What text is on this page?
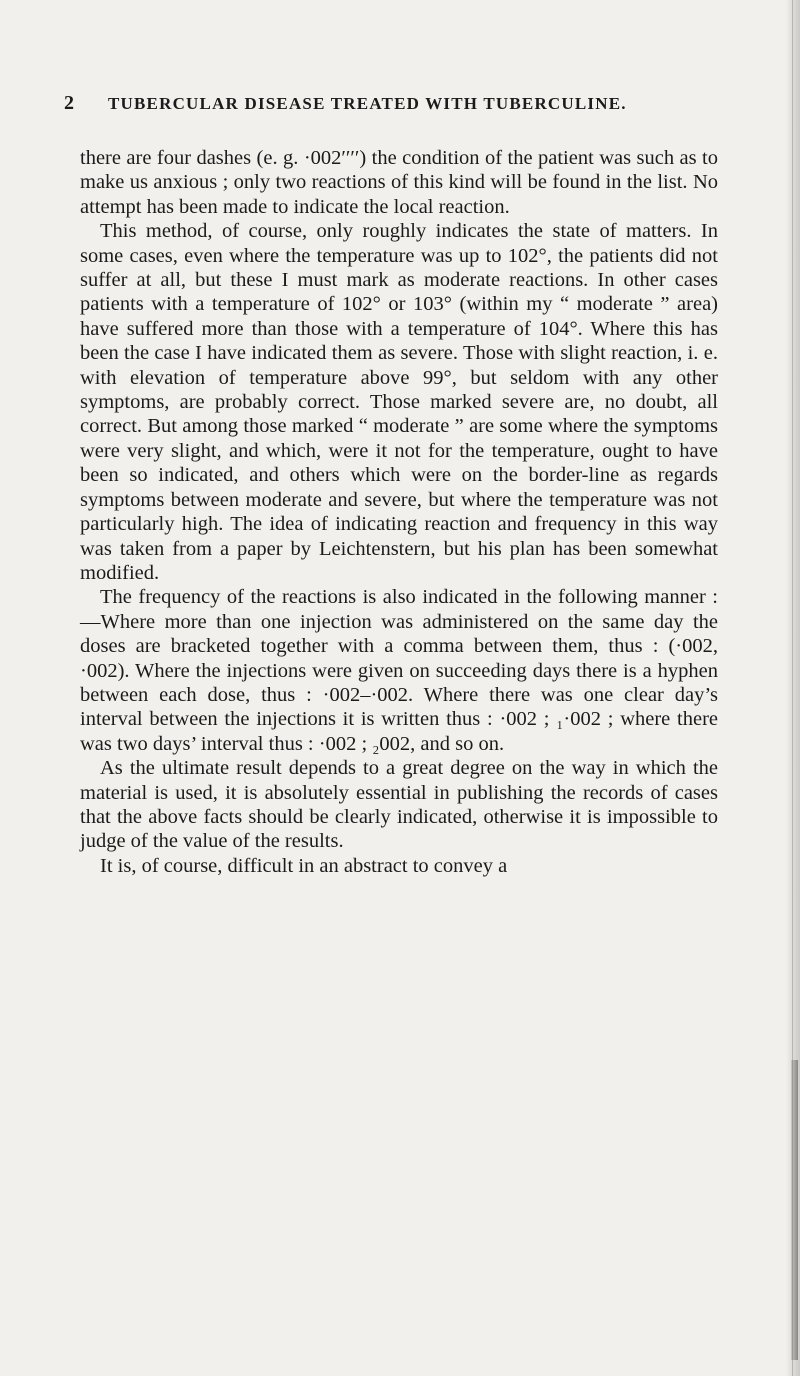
2 TUBERCULAR DISEASE TREATED WITH TUBERCULINE.

there are four dashes (e. g. ·002′′′′) the condition of the patient was such as to make us anxious ; only two reactions of this kind will be found in the list. No attempt has been made to indicate the local reaction.

This method, of course, only roughly indicates the state of matters. In some cases, even where the temperature was up to 102°, the patients did not suffer at all, but these I must mark as moderate reactions. In other cases patients with a temperature of 102° or 103° (within my “ moderate ” area) have suffered more than those with a temperature of 104°. Where this has been the case I have indicated them as severe. Those with slight reaction, i. e. with elevation of temperature above 99°, but seldom with any other symptoms, are probably correct. Those marked severe are, no doubt, all correct. But among those marked “ moderate ” are some where the symptoms were very slight, and which, were it not for the temperature, ought to have been so indicated, and others which were on the border-line as regards symptoms between moderate and severe, but where the temperature was not particularly high. The idea of indicating reaction and frequency in this way was taken from a paper by Leichtenstern, but his plan has been somewhat modified.

The frequency of the reactions is also indicated in the following manner :—Where more than one injection was administered on the same day the doses are bracketed together with a comma between them, thus : (·002, ·002). Where the injections were given on succeeding days there is a hyphen between each dose, thus : ·002–·002. Where there was one clear day’s interval between the injections it is written thus : ·002 ; ₁·002 ; where there was two days’ interval thus : ·002 ; ₂002, and so on.

As the ultimate result depends to a great degree on the way in which the material is used, it is absolutely essential in publishing the records of cases that the above facts should be clearly indicated, otherwise it is impossible to judge of the value of the results.

It is, of course, difficult in an abstract to convey a
